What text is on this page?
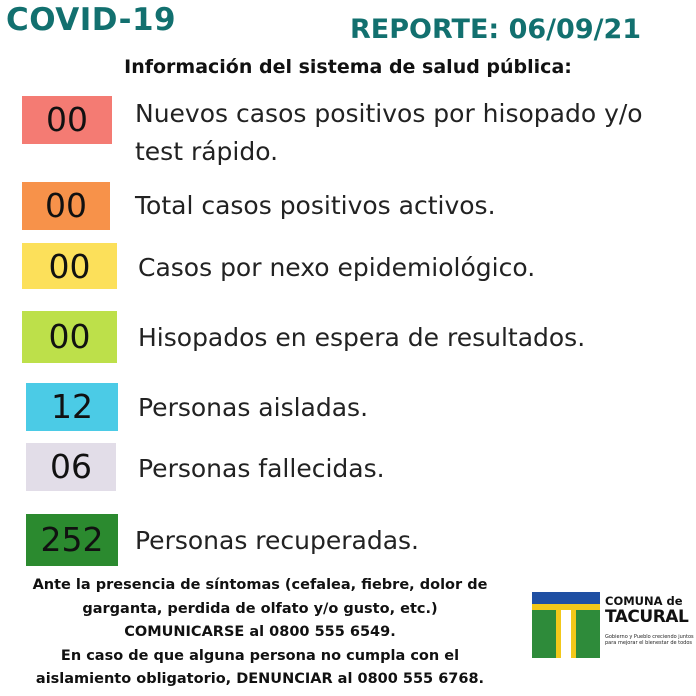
COVID-19	REPORTE: 06/09/21
Información del sistema de salud pública:
00	Nuevos casos positivos por hisopado y/o
test rápido.
00	Total casos positivos activos.
00	Casos por nexo epidemiológico.
00	Hisopados en espera de resultados.
12	Personas aisladas.
06	Personas fallecidas.
252	Personas recuperadas.
Ante la presencia de síntomas (cefalea, fiebre, dolor de
garganta, perdida de olfato y/o gusto, etc.)
COMUNICARSE al 0800 555 6549.
En caso de que alguna persona no cumpla con el
aislamiento obligatorio, DENUNCIAR al 0800 555 6768.
COMUNA de
TACURAL
Gobierno y Pueblo creciendo juntos para mejorar el bienestar de todos
